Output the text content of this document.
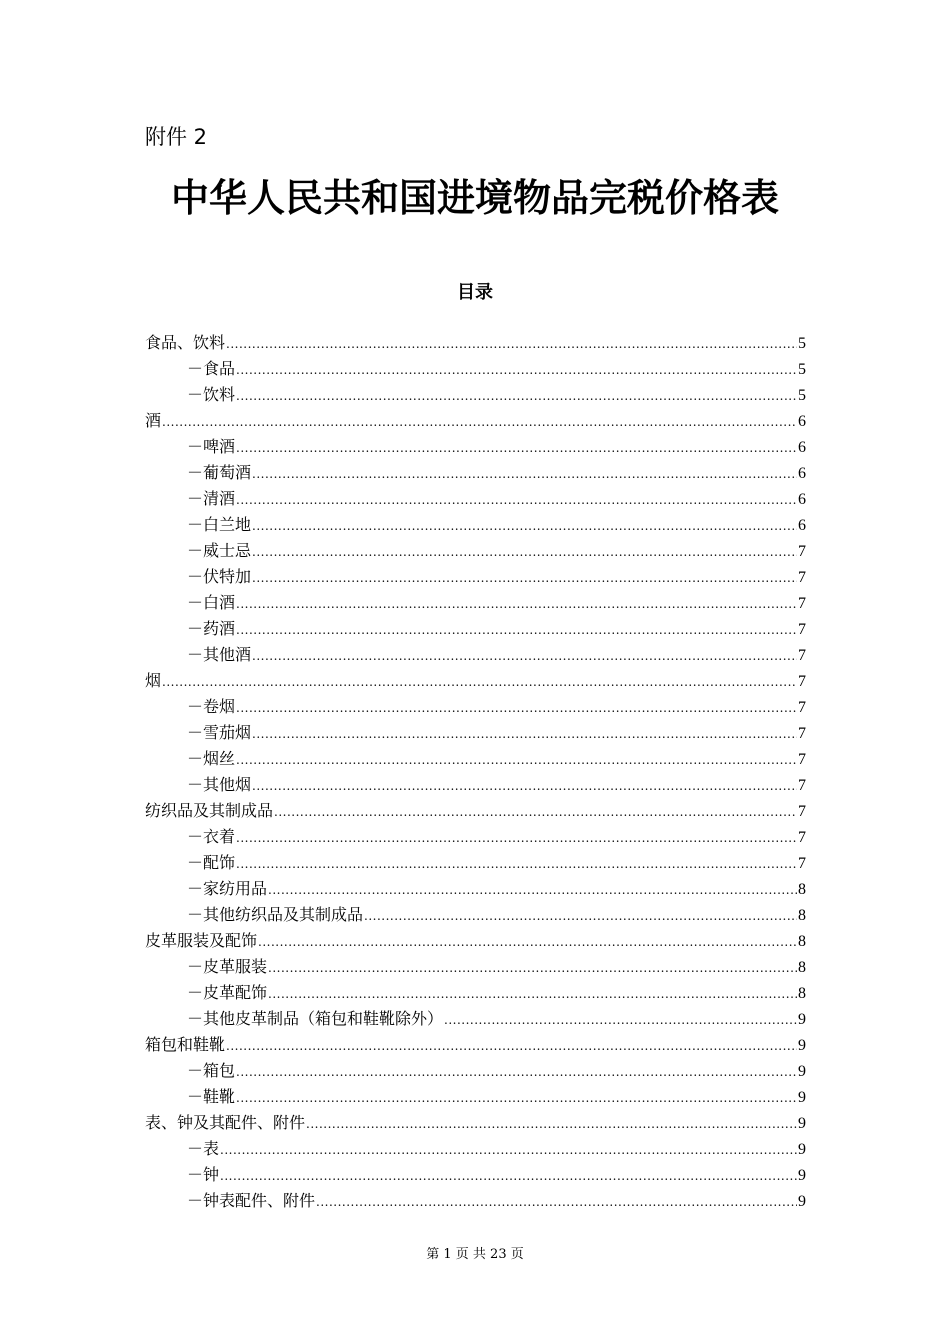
附件 2
中华人民共和国进境物品完税价格表
目录
食品、饮料 .....	5
－食品 .....	5
－饮料 .....	5
酒 .....	6
－啤酒 .....	6
－葡萄酒 .....	6
－清酒 .....	6
－白兰地 .....	6
－威士忌 .....	7
－伏特加 .....	7
－白酒 .....	7
－药酒 .....	7
－其他酒 .....	7
烟 .....	7
－卷烟 .....	7
－雪茄烟 .....	7
－烟丝 .....	7
－其他烟 .....	7
纺织品及其制成品 .....	7
－衣着 .....	7
－配饰 .....	7
－家纺用品 .....	8
－其他纺织品及其制成品 .....	8
皮革服装及配饰 .....	8
－皮革服装 .....	8
－皮革配饰 .....	8
－其他皮革制品（箱包和鞋靴除外） .....	9
箱包和鞋靴 .....	9
－箱包 .....	9
－鞋靴 .....	9
表、钟及其配件、附件 .....	9
－表 .....	9
－钟 .....	9
－钟表配件、附件 .....	9
第 1 页 共 23 页
